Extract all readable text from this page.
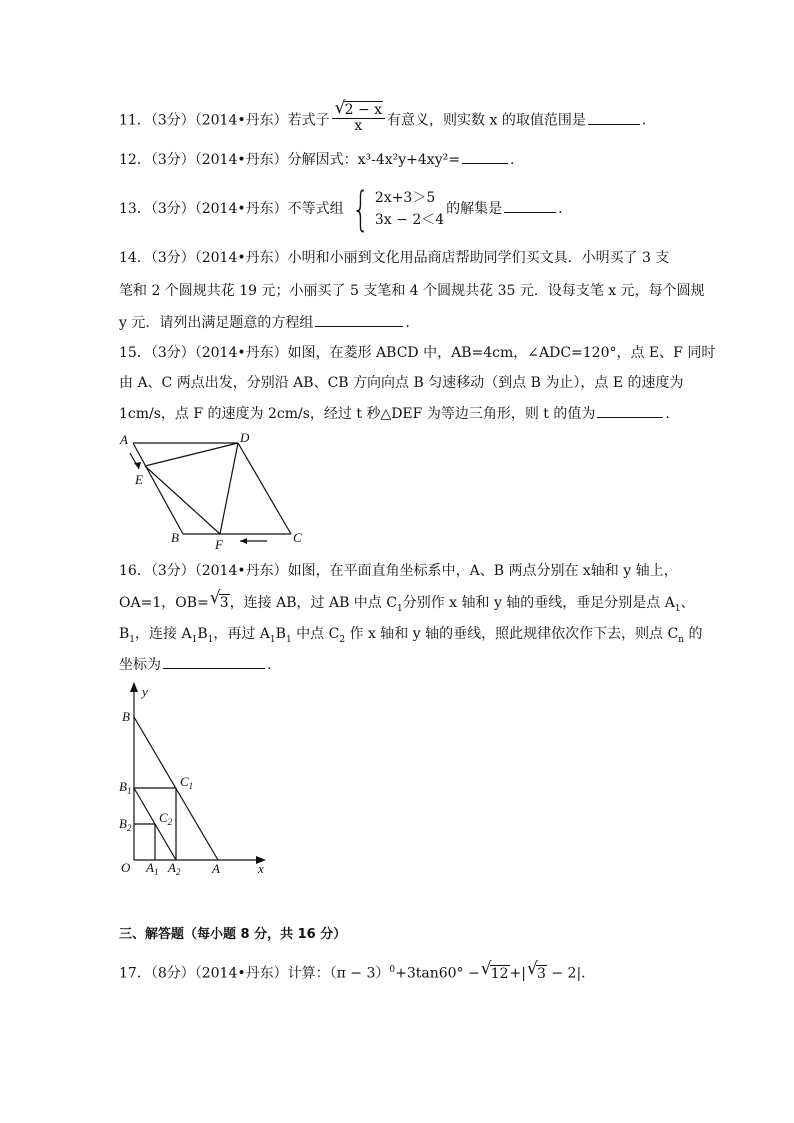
11．（3分）（2014•丹东）若式子 $\frac{√ 2 - x}{x}$ 有意义，则实数 x 的取值范围是	.
12．（3分）（2014•丹东）分解因式：x³-4x²y+4xy²=	.
13．（3分）（2014•丹东）不等式组 { 2x+3＞5
3x − 2＜4
的解集是	.
14．（3分）（2014•丹东）小明和小丽到文化用品商店帮助同学们买文具．小明买了 3 支
笔和 2 个圆规共花 19 元；小丽买了 5 支笔和 4 个圆规共花 35 元．设每支笔 x 元，每个圆规
y 元．请列出满足题意的方程组	.
15．（3分）（2014•丹东）如图，在菱形 ABCD 中，AB=4cm，∠ADC=120°，点 E、F 同时
由 A、C 两点出发，分别沿 AB、CB 方向向点 B 匀速移动（到点 B 为止），点 E 的速度为
1cm/s，点 F 的速度为 2cm/s，经过 t 秒△DEF 为等边三角形，则 t 的值为	.
A	D
E
B	F	C
16．（3分）（2014•丹东）如图，在平面直角坐标系中，A、B 两点分别在 x轴和 y 轴上，
OA=1，OB= √ 3，连接 AB，过 AB 中点 $C_1$分别作 x 轴和 y 轴的垂线，垂足分别是点 $A_1$、
$B_1$，连接 $A_1B_1$，再过 $A_1B_1$ 中点 $C_2$ 作 x 轴和 y 轴的垂线，照此规律依次作下去，则点 $C_n$ 的
坐标为	.
y
x
O
B
$B_1$
$B_2$
$C_1$
$C_2$
$A_1$ $A_2$ A
三、解答题（每小题 8 分，共 16 分）
17．（8分）（2014•丹东）计算：$(\pi - 3)^0+3\tan 60^\circ$ − √ 12+| √ 3 − 2|．
